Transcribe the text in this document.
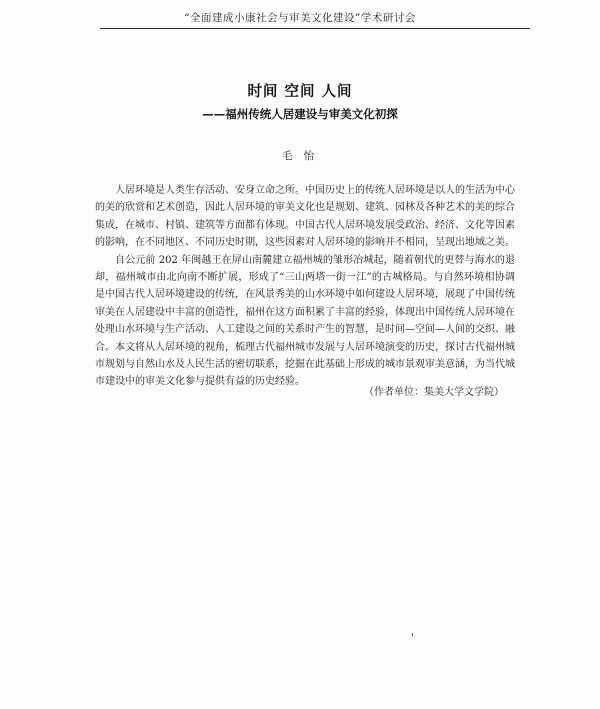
“全面建成小康社会与审美文化建设”学术研讨会
时间 空间 人间
——福州传统人居建设与审美文化初探
毛 怡

人居环境是人类生存活动、安身立命之所。中国历史上的传统人居环境是以人的生活为中心的美的欣赏和艺术创造，因此人居环境的审美文化也是规划、建筑、园林及各种艺术的美的综合集成，在城市、村镇、建筑等方面都有体现。中国古代人居环境发展受政治、经济、文化等因素的影响，在不同地区、不同历史时期，这些因素对人居环境的影响并不相同，呈现出地域之美。

自公元前 202 年闽越王在屏山南麓建立福州城的雏形冶城起，随着朝代的更替与海水的退却，福州城市由北向南不断扩展，形成了“三山两塔一街一江”的古城格局。与自然环境相协调是中国古代人居环境建设的传统，在风景秀美的山水环境中如何建设人居环境，展现了中国传统审美在人居建设中丰富的创造性，福州在这方面积累了丰富的经验，体现出中国传统人居环境在处理山水环境与生产活动、人工建设之间的关系时产生的智慧，是时间—空间—人间的交织、融合。本文将从人居环境的视角，梳理古代福州城市发展与人居环境演变的历史，探讨古代福州城市规划与自然山水及人民生活的密切联系，挖掘在此基础上形成的城市景观审美意涵，为当代城市建设中的审美文化参与提供有益的历史经验。

（作者单位：集美大学文学院）
